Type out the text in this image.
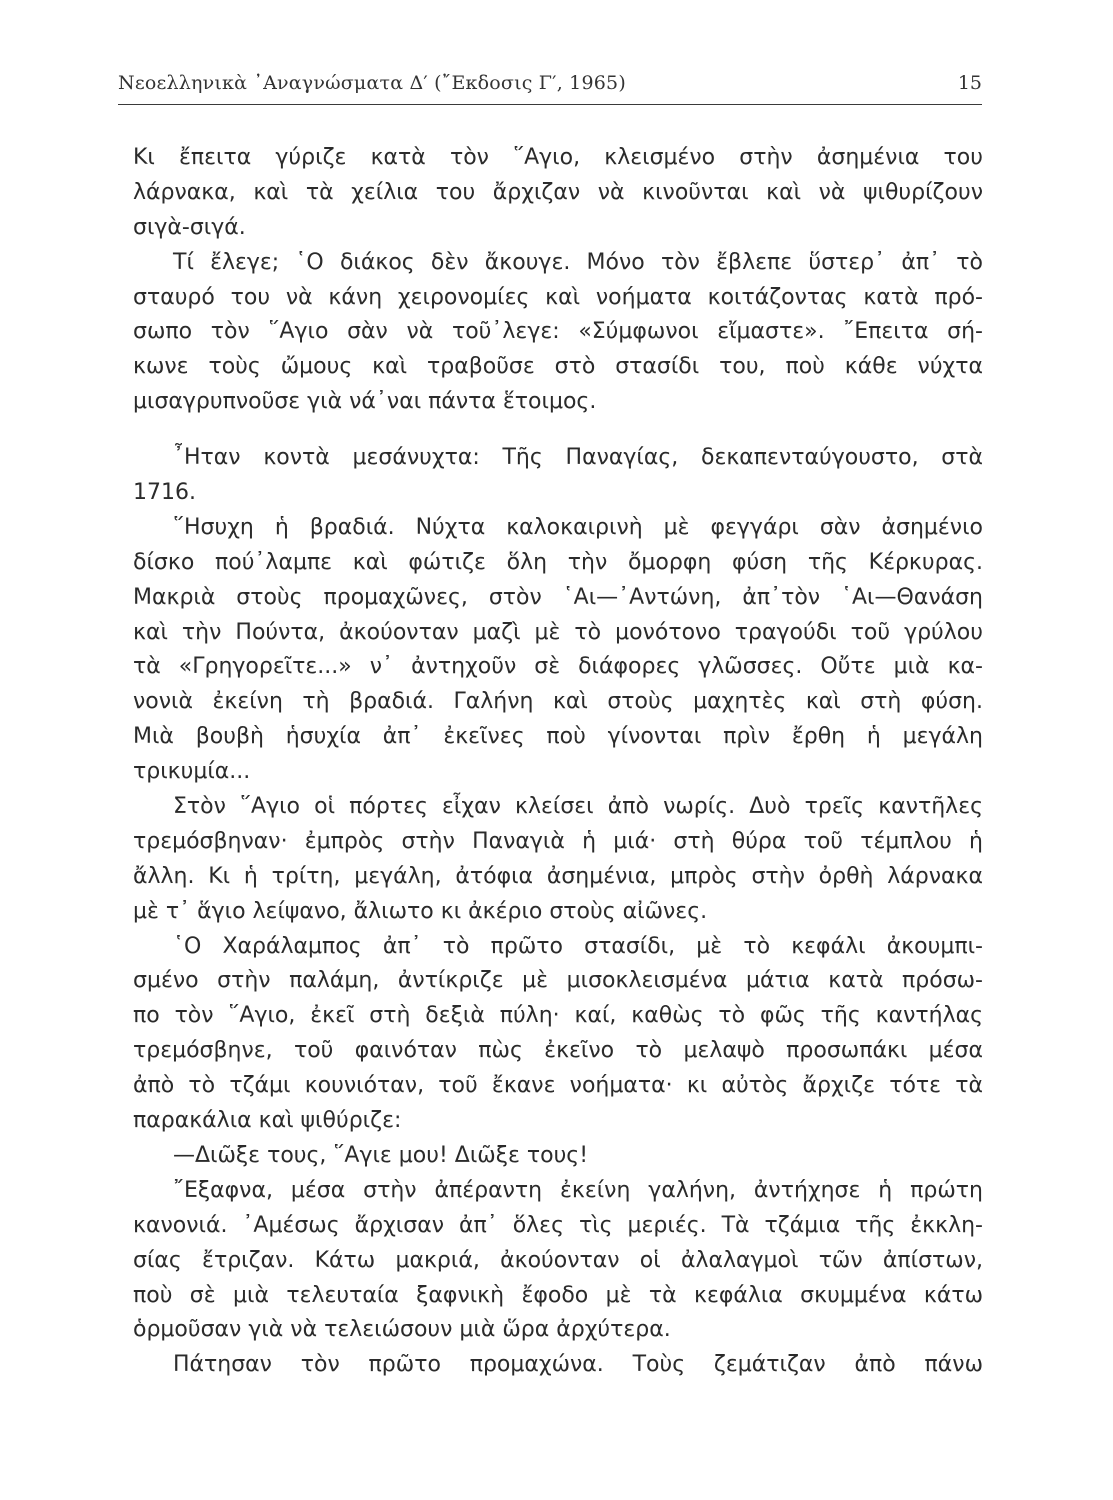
Νεοελληνικὰ ᾿Αναγνώσματα Δ′ (῎Εκδοσις Γ′, 1965)	15
Κι ἔπειτα γύριζε κατὰ τὸν ῞Αγιο, κλεισμένο στὴν ἀσημένια του
λάρνακα, καὶ τὰ χείλια του ἄρχιζαν νὰ κινοῦνται καὶ νὰ ψιθυρίζουν
σιγὰ-σιγά.
Τί ἔλεγε; ῾Ο διάκος δὲν ἄκουγε. Μόνο τὸν ἔβλεπε ὕστερ᾿ ἀπ᾿ τὸ
σταυρό του νὰ κάνη χειρονομίες καὶ νοήματα κοιτάζοντας κατὰ πρό-
σωπο τὸν ῞Αγιο σὰν νὰ τοῦ᾿λεγε: «Σύμφωνοι εἴμαστε». ῎Επειτα σή-
κωνε τοὺς ὤμους καὶ τραβοῦσε στὸ στασίδι του, ποὺ κάθε νύχτα
μισαγρυπνοῦσε γιὰ νά᾿ναι πάντα ἕτοιμος.
῏Ηταν κοντὰ μεσάνυχτα: Τῆς Παναγίας, δεκαπενταύγουστο, στὰ
1716.
῞Ησυχη ἡ βραδιά. Νύχτα καλοκαιρινὴ μὲ φεγγάρι σὰν ἀσημένιο
δίσκο πού᾿λαμπε καὶ φώτιζε ὅλη τὴν ὄμορφη φύση τῆς Κέρκυρας.
Μακριὰ στοὺς προμαχῶνες, στὸν ῾Αι—᾿Αντώνη, ἀπ᾿τὸν ῾Αι—Θανάση
καὶ τὴν Πούντα, ἀκούονταν μαζὶ μὲ τὸ μονότονο τραγούδι τοῦ γρύλου
τὰ «Γρηγορεῖτε...» ν᾿ ἀντηχοῦν σὲ διάφορες γλῶσσες. Οὔτε μιὰ κα-
νονιὰ ἐκείνη τὴ βραδιά. Γαλήνη καὶ στοὺς μαχητὲς καὶ στὴ φύση.
Μιὰ βουβὴ ἡσυχία ἀπ᾿ ἐκεῖνες ποὺ γίνονται πρὶν ἔρθη ἡ μεγάλη
τρικυμία...
Στὸν ῞Αγιο οἱ πόρτες εἶχαν κλείσει ἀπὸ νωρίς. Δυὸ τρεῖς καντῆλες
τρεμόσβηναν· ἐμπρὸς στὴν Παναγιὰ ἡ μιά· στὴ θύρα τοῦ τέμπλου ἡ
ἄλλη. Κι ἡ τρίτη, μεγάλη, ἀτόφια ἀσημένια, μπρὸς στὴν ὀρθὴ λάρνακα
μὲ τ᾿ ἅγιο λείψανο, ἄλιωτο κι ἀκέριο στοὺς αἰῶνες.
῾Ο Χαράλαμπος ἀπ᾿ τὸ πρῶτο στασίδι, μὲ τὸ κεφάλι ἀκουμπι-
σμένο στὴν παλάμη, ἀντίκριζε μὲ μισοκλεισμένα μάτια κατὰ πρόσω-
πο τὸν ῞Αγιο, ἐκεῖ στὴ δεξιὰ πύλη· καί, καθὼς τὸ φῶς τῆς καντήλας
τρεμόσβηνε, τοῦ φαινόταν πὼς ἐκεῖνο τὸ μελαψὸ προσωπάκι μέσα
ἀπὸ τὸ τζάμι κουνιόταν, τοῦ ἔκανε νοήματα· κι αὐτὸς ἄρχιζε τότε τὰ
παρακάλια καὶ ψιθύριζε:
—Διῶξε τους, ῞Αγιε μου! Διῶξε τους!
῎Εξαφνα, μέσα στὴν ἀπέραντη ἐκείνη γαλήνη, ἀντήχησε ἡ πρώτη
κανονιά. ᾿Αμέσως ἄρχισαν ἀπ᾿ ὅλες τὶς μεριές. Τὰ τζάμια τῆς ἐκκλη-
σίας ἔτριζαν. Κάτω μακριά, ἀκούονταν οἱ ἀλαλαγμοὶ τῶν ἀπίστων,
ποὺ σὲ μιὰ τελευταία ξαφνικὴ ἔφοδο μὲ τὰ κεφάλια σκυμμένα κάτω
ὁρμοῦσαν γιὰ νὰ τελειώσουν μιὰ ὥρα ἀρχύτερα.
Πάτησαν τὸν πρῶτο προμαχώνα. Τοὺς ζεμάτιζαν ἀπὸ πάνω
